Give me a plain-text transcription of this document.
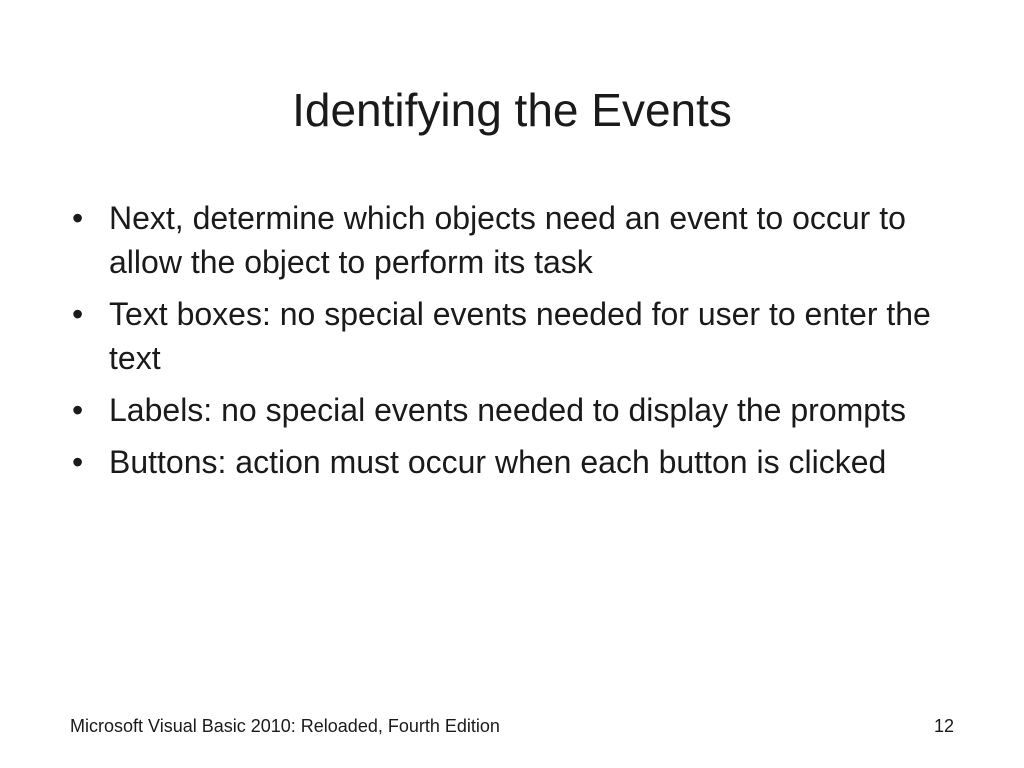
Identifying the Events
• Next, determine which objects need an event to occur to allow the object to perform its task
• Text boxes: no special events needed for user to enter the text
• Labels: no special events needed to display the prompts
• Buttons: action must occur when each button is clicked
Microsoft Visual Basic 2010: Reloaded, Fourth Edition	12
